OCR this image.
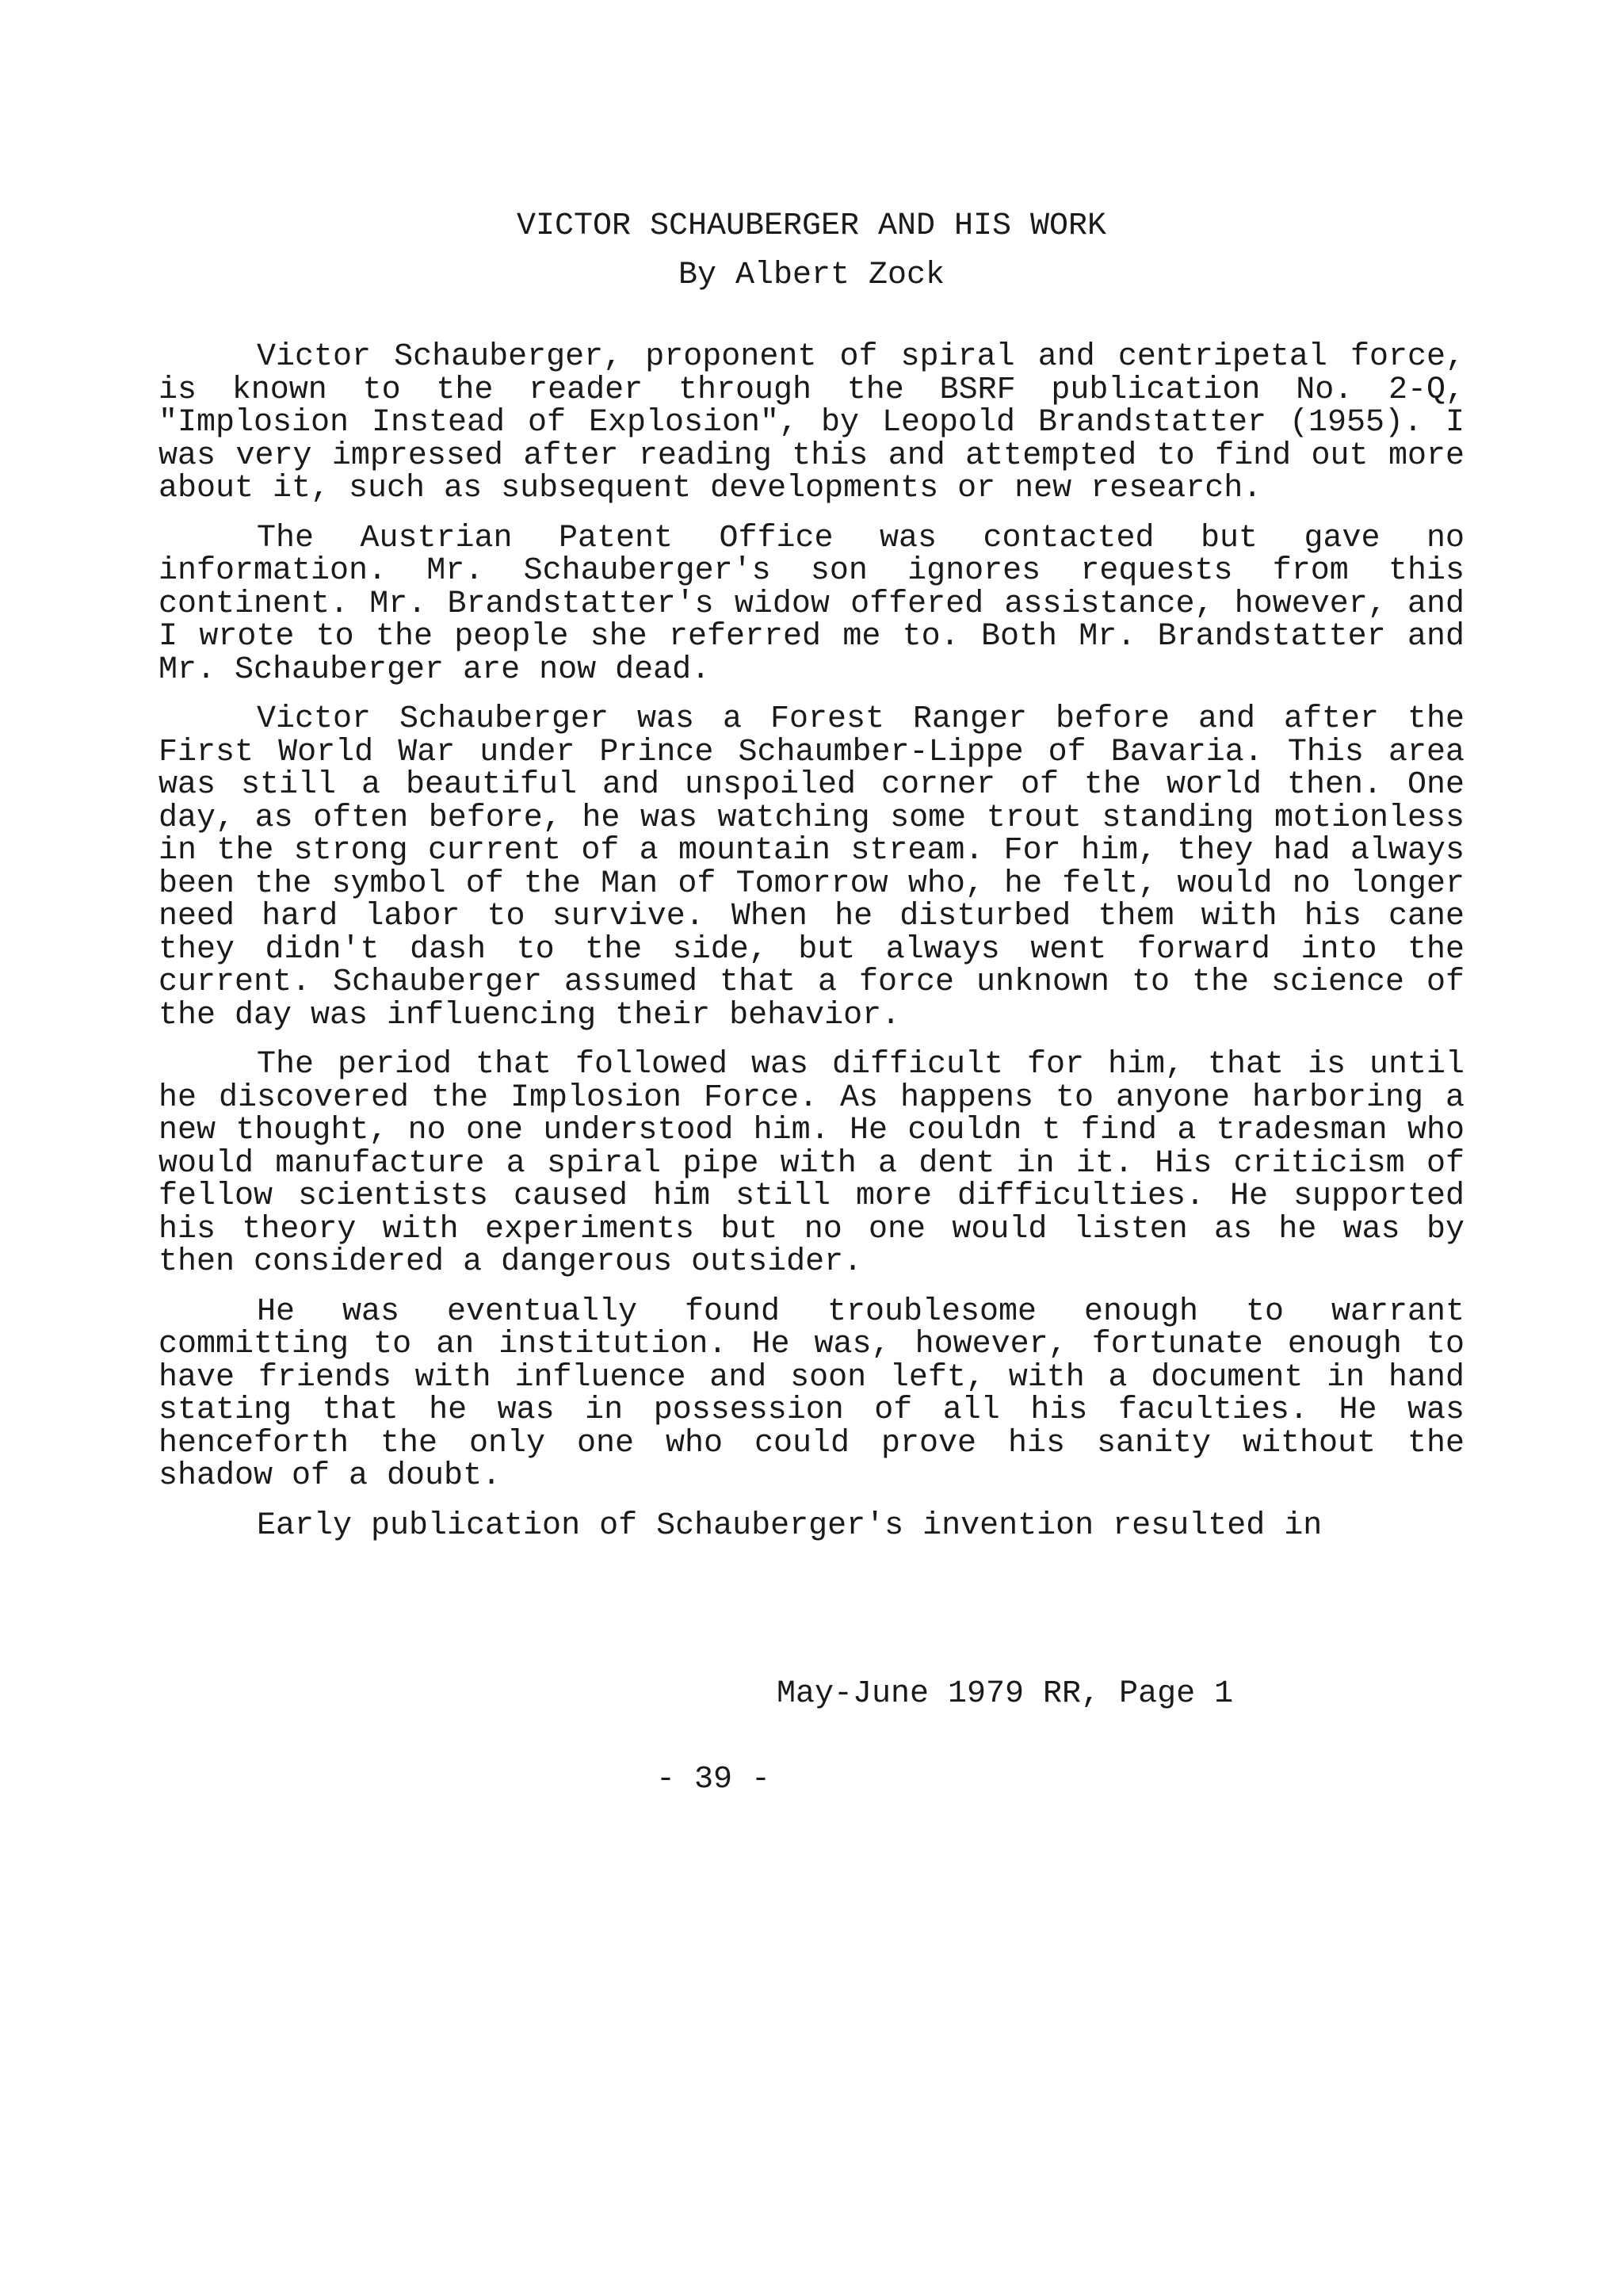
VICTOR SCHAUBERGER AND HIS WORK
By Albert Zock

Victor Schauberger, proponent of spiral and centripetal force, is known to the reader through the BSRF publication No. 2-Q, "Implosion Instead of Explosion", by Leopold Brandstatter (1955). I was very impressed after reading this and attempted to find out more about it, such as subsequent developments or new research.

The Austrian Patent Office was contacted but gave no information. Mr. Schauberger's son ignores requests from this continent. Mr. Brandstatter's widow offered assistance, however, and I wrote to the people she referred me to. Both Mr. Brandstatter and Mr. Schauberger are now dead.

Victor Schauberger was a Forest Ranger before and after the First World War under Prince Schaumber-Lippe of Bavaria. This area was still a beautiful and unspoiled corner of the world then. One day, as often before, he was watching some trout standing motionless in the strong current of a mountain stream. For him, they had always been the symbol of the Man of Tomorrow who, he felt, would no longer need hard labor to survive. When he disturbed them with his cane they didn't dash to the side, but always went forward into the current. Schauberger assumed that a force unknown to the science of the day was influencing their behavior.

The period that followed was difficult for him, that is until he discovered the Implosion Force. As happens to anyone harboring a new thought, no one understood him. He couldn t find a tradesman who would manufacture a spiral pipe with a dent in it. His criticism of fellow scientists caused him still more difficulties. He supported his theory with experiments but no one would listen as he was by then considered a dangerous outsider.

He was eventually found troublesome enough to warrant committing to an institution. He was, however, fortunate enough to have friends with influence and soon left, with a document in hand stating that he was in possession of all his faculties. He was henceforth the only one who could prove his sanity without the shadow of a doubt.

Early publication of Schauberger's invention resulted in

May-June 1979 RR, Page 1
- 39 -
